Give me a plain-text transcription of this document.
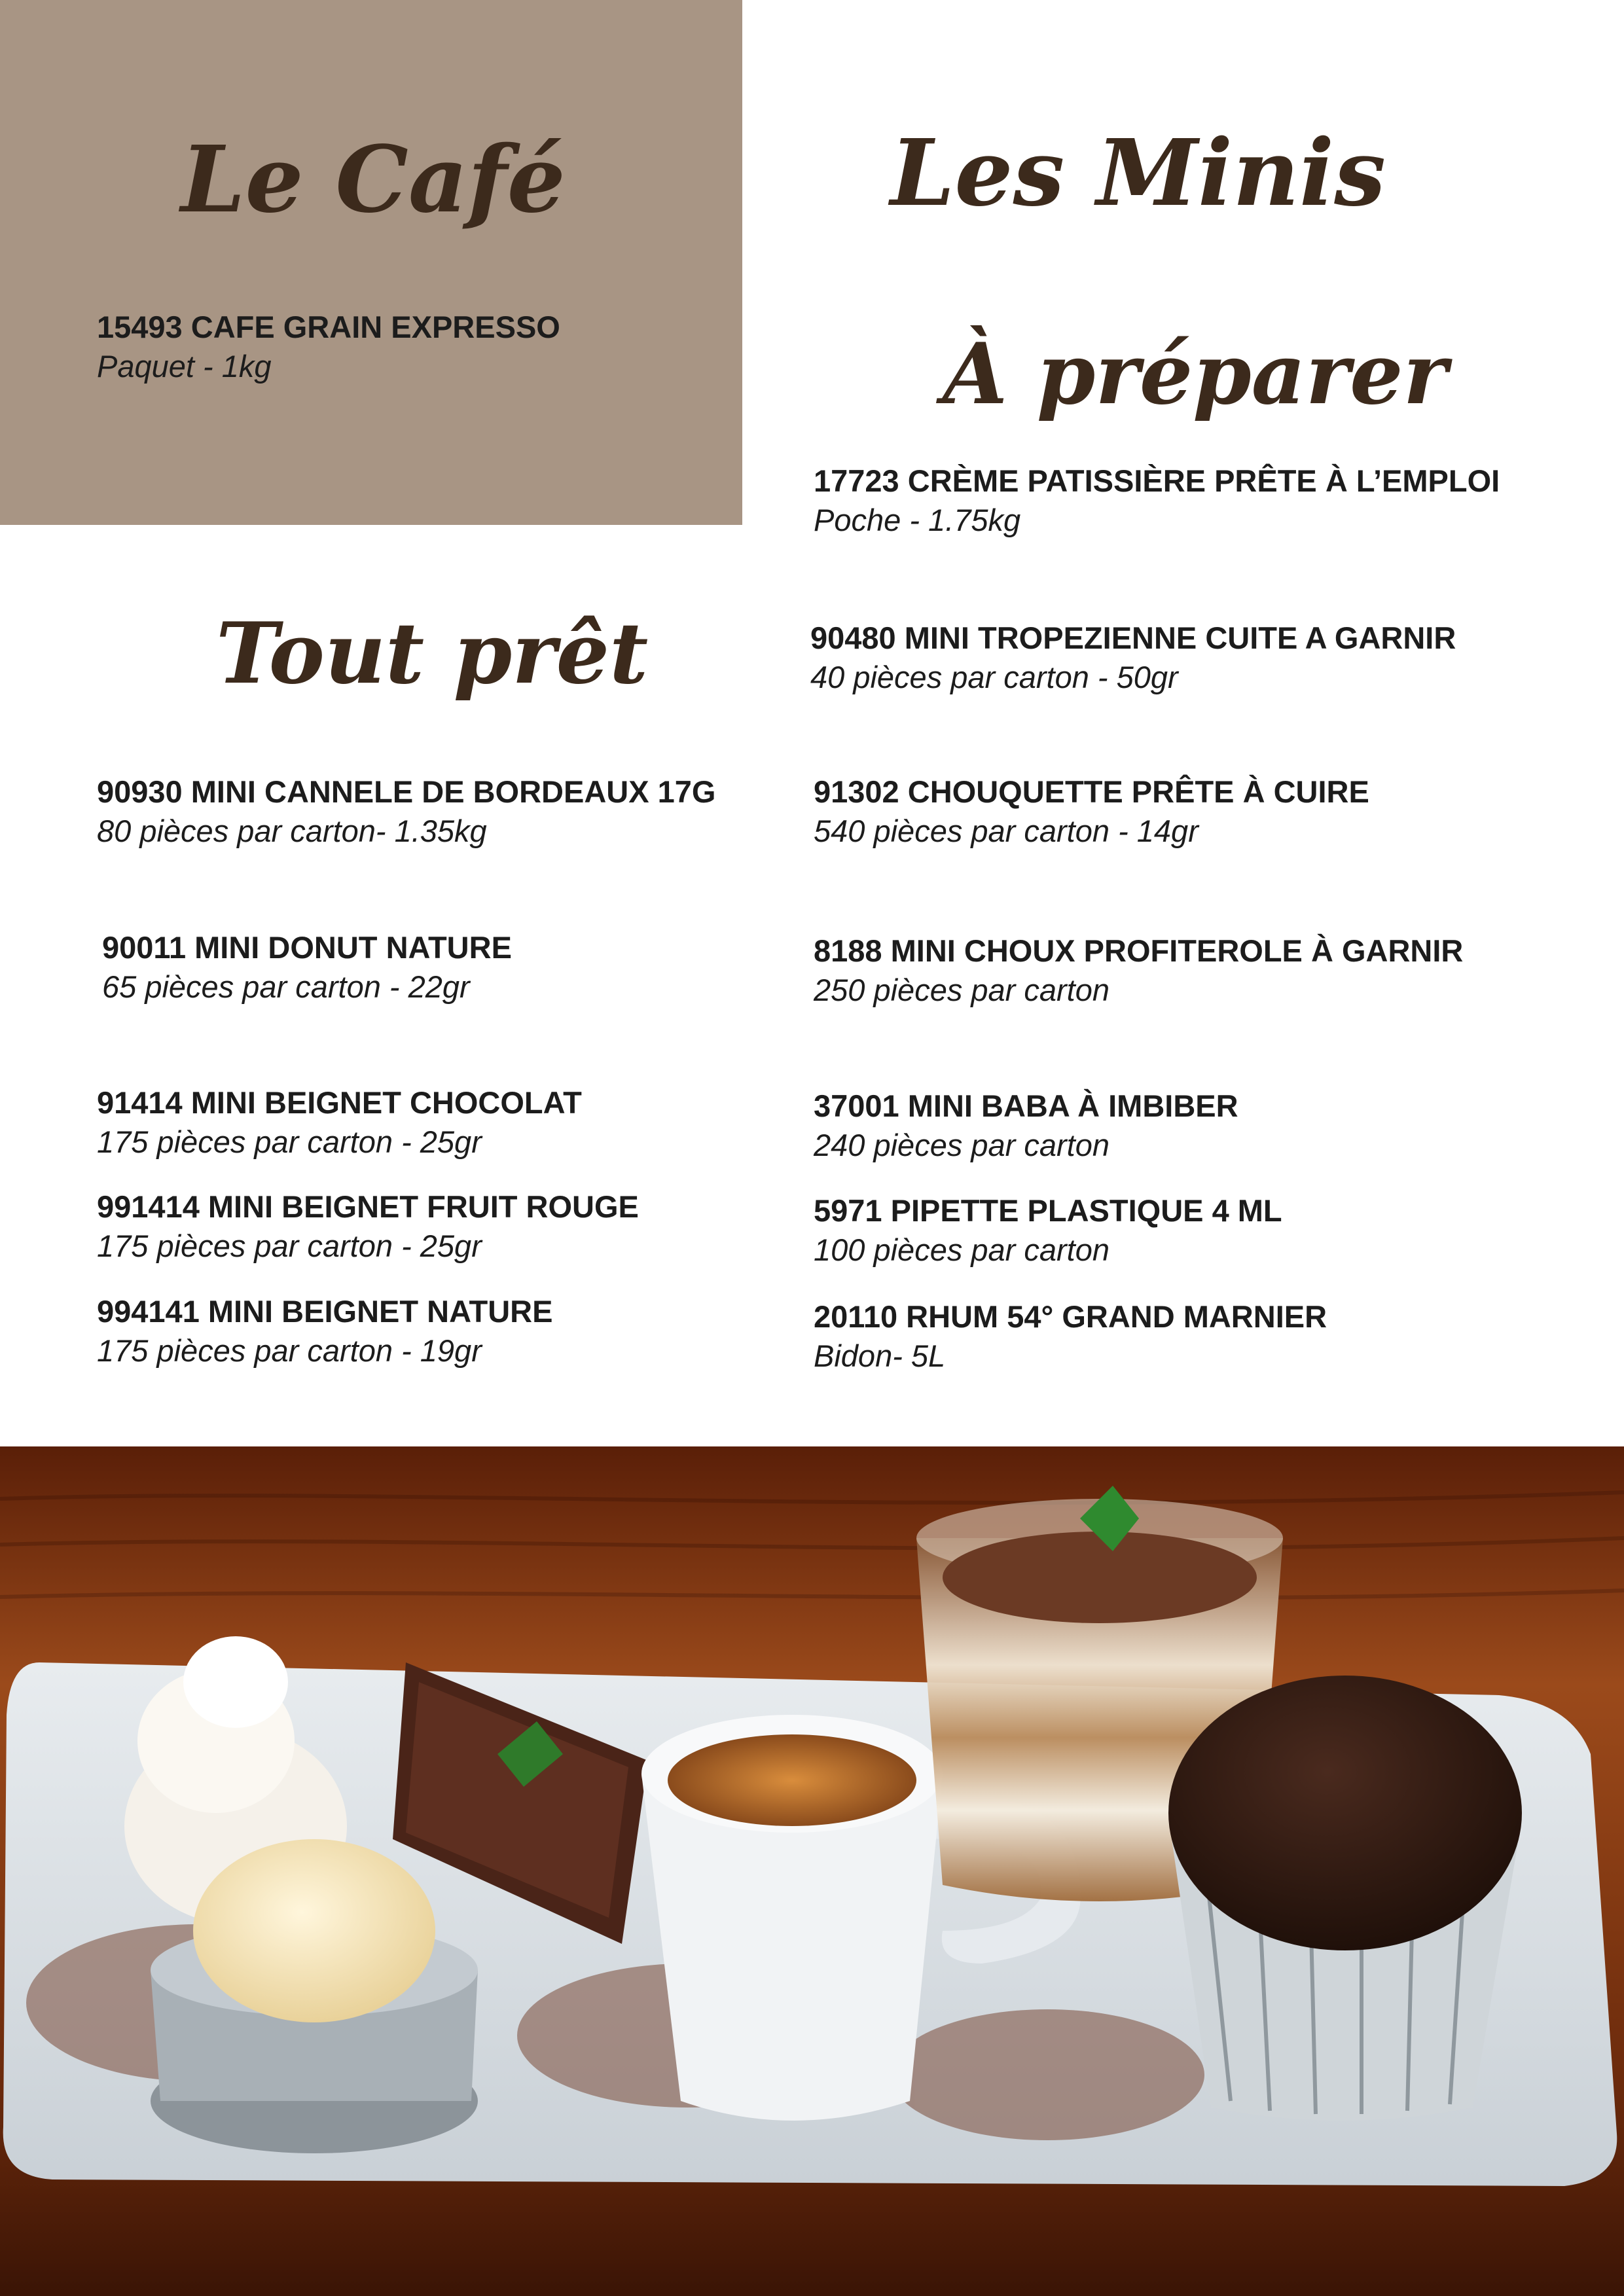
Le Café
15493 CAFE GRAIN EXPRESSO
Paquet - 1kg
Les Minis
À préparer
17723 CRÈME PATISSIÈRE PRÊTE À L’EMPLOI
Poche - 1.75kg
90480 MINI TROPEZIENNE CUITE A GARNIR
40 pièces par carton - 50gr
91302 CHOUQUETTE PRÊTE À CUIRE
540 pièces par carton - 14gr
8188 MINI CHOUX PROFITEROLE À GARNIR
250 pièces par carton
37001 MINI BABA À IMBIBER
240 pièces par carton
5971 PIPETTE PLASTIQUE 4 ML
100 pièces par carton
20110 RHUM 54° GRAND MARNIER
Bidon- 5L
Tout prêt
90930 MINI CANNELE DE BORDEAUX 17G
80 pièces par carton- 1.35kg
90011 MINI DONUT NATURE
65 pièces par carton - 22gr
91414 MINI BEIGNET CHOCOLAT
175 pièces par carton - 25gr
991414 MINI BEIGNET FRUIT ROUGE
175 pièces par carton - 25gr
994141 MINI BEIGNET NATURE
175 pièces par carton - 19gr
